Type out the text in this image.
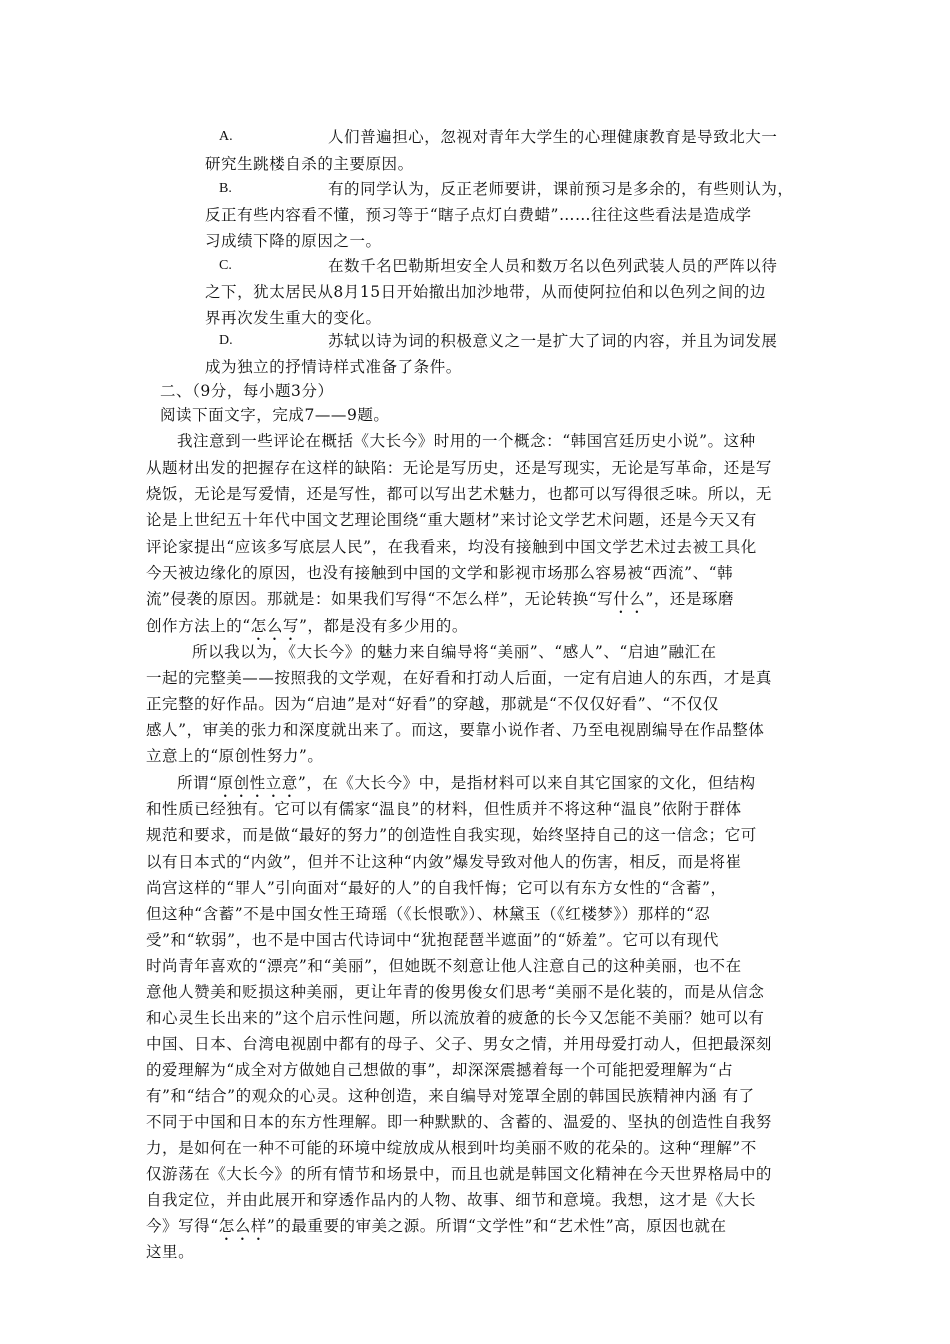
A.	人们普遍担心，忽视对青年大学生的心理健康教育是导致北大一
研究生跳楼自杀的主要原因。
B.	有的同学认为，反正老师要讲，课前预习是多余的，有些则认为，
反正有些内容看不懂，预习等于“瞎子点灯白费蜡”……往往这些看法是造成学
习成绩下降的原因之一。
C.	在数千名巴勒斯坦安全人员和数万名以色列武装人员的严阵以待
之下，犹太居民从8月15日开始撤出加沙地带，从而使阿拉伯和以色列之间的边
界再次发生重大的变化。
D.	苏轼以诗为词的积极意义之一是扩大了词的内容，并且为词发展
成为独立的抒情诗样式准备了条件。
二、（9分，每小题3分）
阅读下面文字，完成7——9题。
我注意到一些评论在概括《大长今》时用的一个概念：“韩国宫廷历史小说”。这种
从题材出发的把握存在这样的缺陷：无论是写历史，还是写现实，无论是写革命，还是写
烧饭，无论是写爱情，还是写性，都可以写出艺术魅力，也都可以写得很乏味。所以，无
论是上世纪五十年代中国文艺理论围绕“重大题材”来讨论文学艺术问题，还是今天又有
评论家提出“应该多写底层人民”，在我看来，均没有接触到中国文学艺术过去被工具化
今天被边缘化的原因，也没有接触到中国的文学和影视市场那么容易被“西流”、“韩
流”侵袭的原因。那就是：如果我们写得“不怎么样”，无论转换“写什么”，还是琢磨
创作方法上的“怎么写”，都是没有多少用的。
所以我以为，《大长今》的魅力来自编导将“美丽”、“感人”、“启迪”融汇在
一起的完整美——按照我的文学观，在好看和打动人后面，一定有启迪人的东西，才是真
正完整的好作品。因为“启迪”是对“好看”的穿越，那就是“不仅仅好看”、“不仅仅
感人”，审美的张力和深度就出来了。而这，要靠小说作者、乃至电视剧编导在作品整体
立意上的“原创性努力”。
所谓“原创性立意”，在《大长今》中，是指材料可以来自其它国家的文化，但结构
和性质已经独有。它可以有儒家“温良”的材料，但性质并不将这种“温良”依附于群体
规范和要求，而是做“最好的努力”的创造性自我实现，始终坚持自己的这一信念；它可
以有日本式的“内敛”，但并不让这种“内敛”爆发导致对他人的伤害，相反，而是将崔
尚宫这样的“罪人”引向面对“最好的人”的自我忏悔；它可以有东方女性的“含蓄”，
但这种“含蓄”不是中国女性王琦瑶（《长恨歌》）、林黛玉（《红楼梦》）那样的“忍
受”和“软弱”，也不是中国古代诗词中“犹抱琵琶半遮面”的“娇羞”。它可以有现代
时尚青年喜欢的“漂亮”和“美丽”，但她既不刻意让他人注意自己的这种美丽，也不在
意他人赞美和贬损这种美丽，更让年青的俊男俊女们思考“美丽不是化装的，而是从信念
和心灵生长出来的”这个启示性问题，所以流放着的疲惫的长今又怎能不美丽？她可以有
中国、日本、台湾电视剧中都有的母子、父子、男女之情，并用母爱打动人，但把最深刻
的爱理解为“成全对方做她自己想做的事”，却深深震撼着每一个可能把爱理解为“占
有”和“结合”的观众的心灵。这种创造，来自编导对笼罩全剧的韩国民族精神内涵 有了
不同于中国和日本的东方性理解。即一种默默的、含蓄的、温爱的、坚执的创造性自我努
力，是如何在一种不可能的环境中绽放成从根到叶均美丽不败的花朵的。这种“理解”不
仅游荡在《大长今》的所有情节和场景中，而且也就是韩国文化精神在今天世界格局中的
自我定位，并由此展开和穿透作品内的人物、故事、细节和意境。我想，这才是《大长
今》写得“怎么样”的最重要的审美之源。所谓“文学性”和“艺术性”高，原因也就在
这里。
